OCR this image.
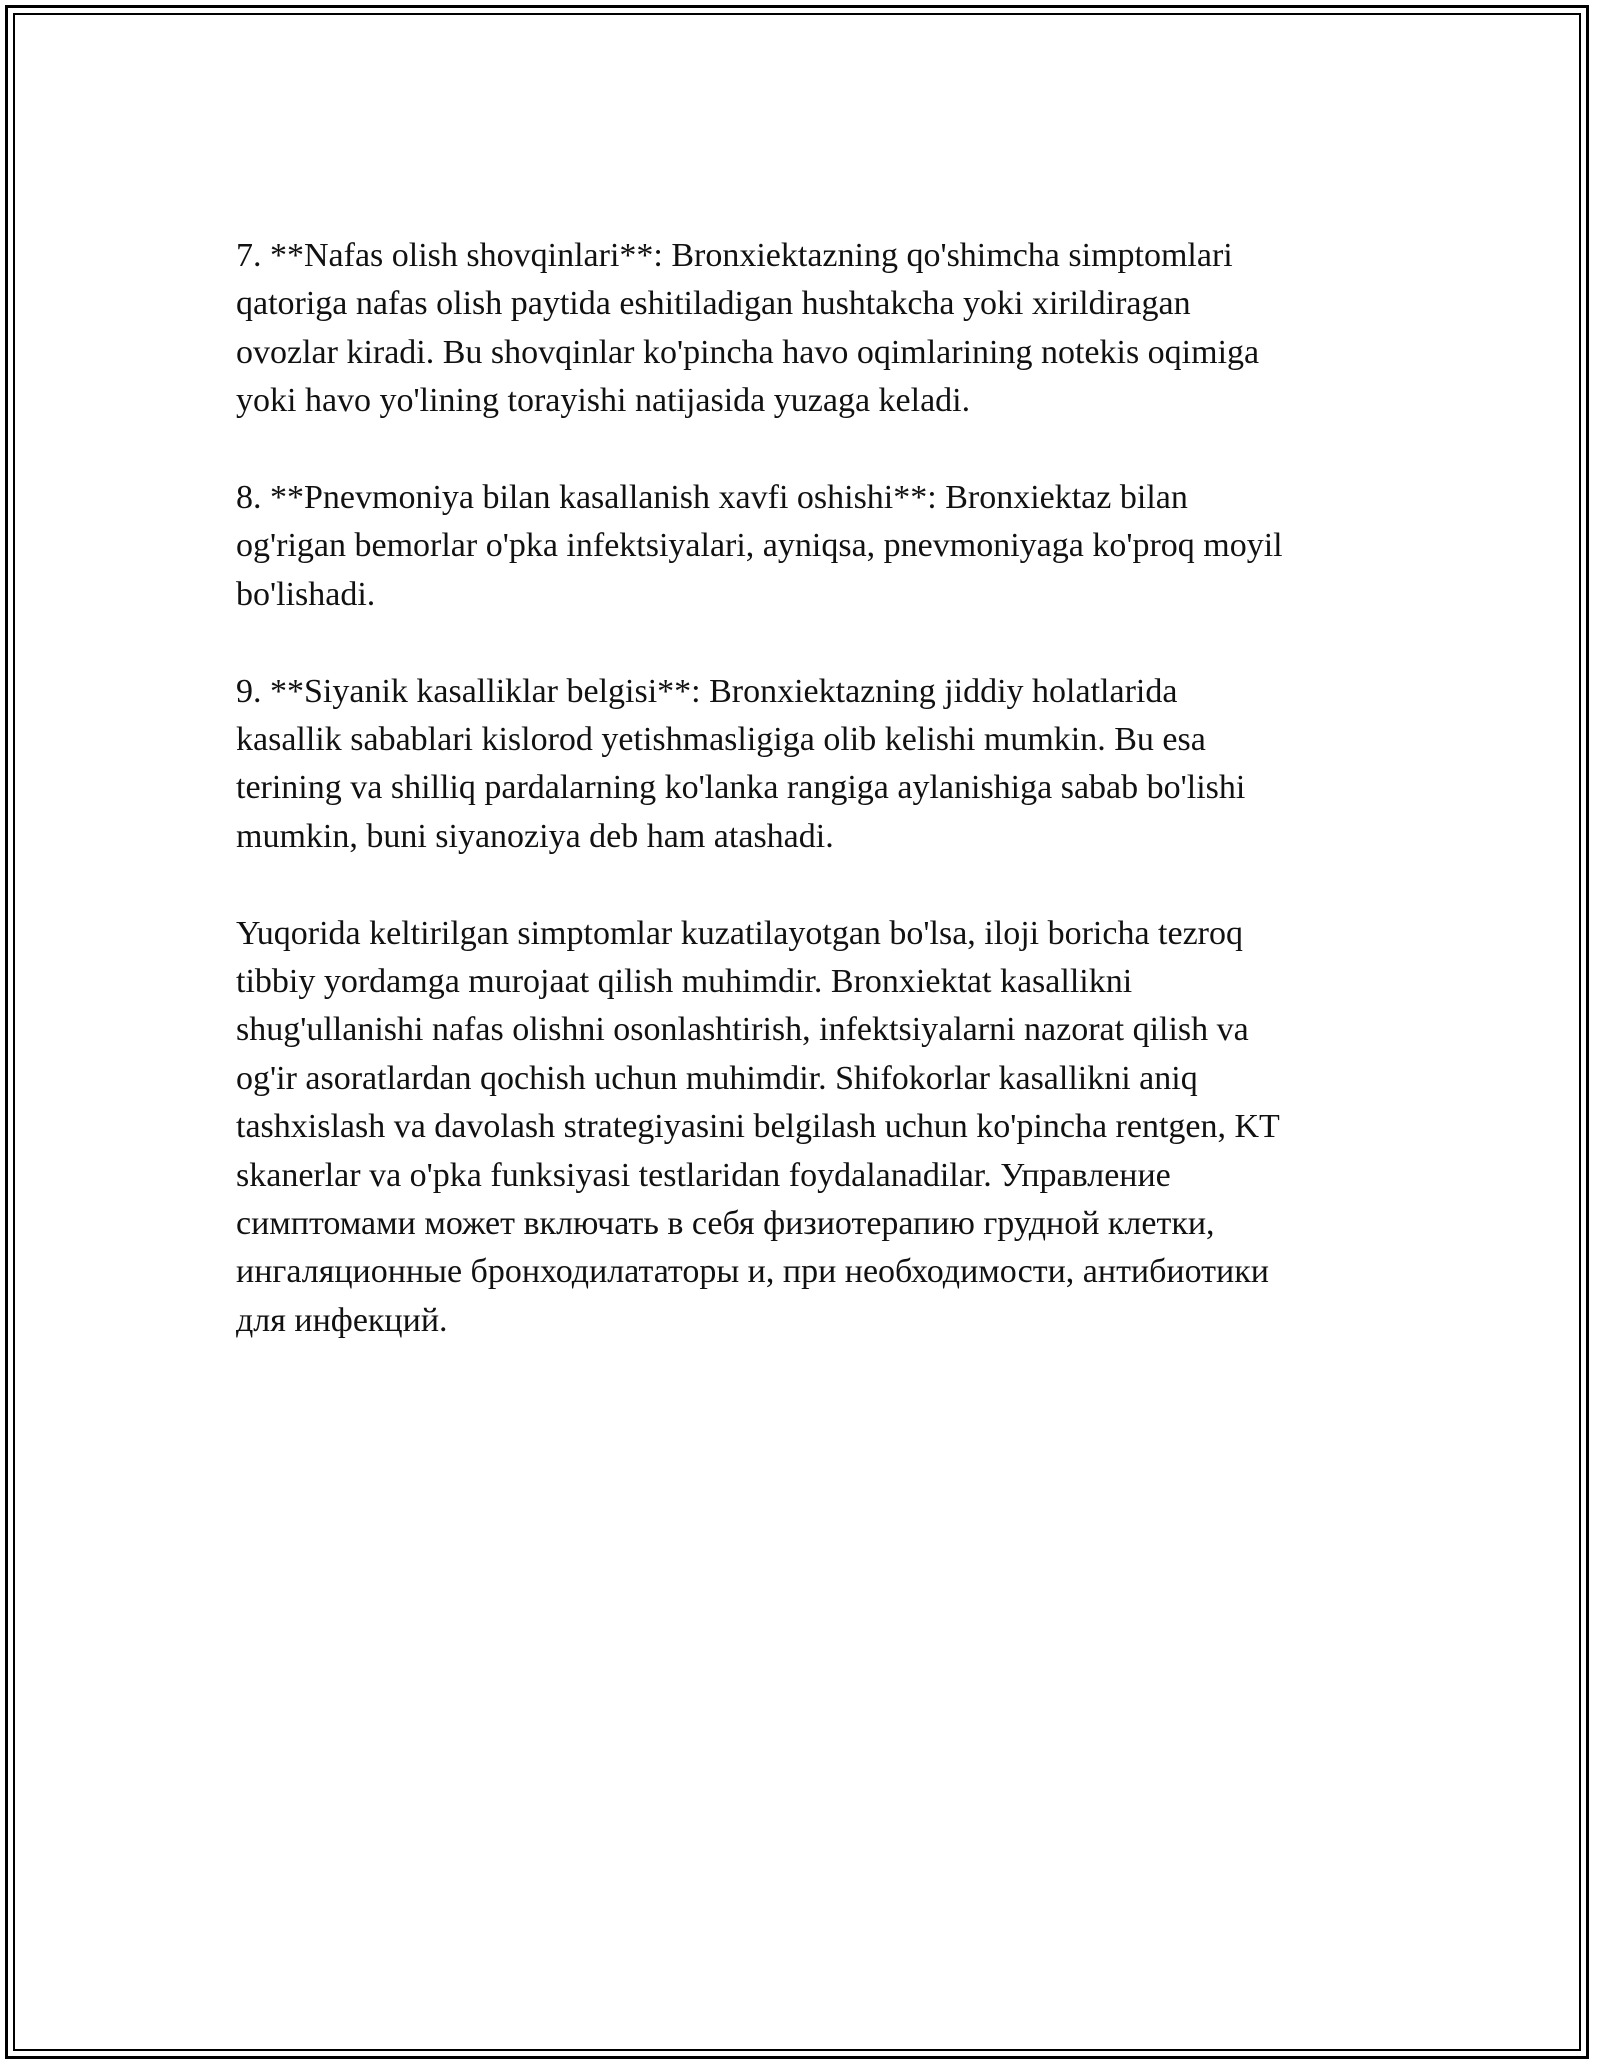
7. **Nafas olish shovqinlari**: Bronxiektazning qo'shimcha simptomlari
qatoriga nafas olish paytida eshitiladigan hushtakcha yoki xirildiragan
ovozlar kiradi. Bu shovqinlar ko'pincha havo oqimlarining notekis oqimiga
yoki havo yo'lining torayishi natijasida yuzaga keladi.

8. **Pnevmoniya bilan kasallanish xavfi oshishi**: Bronxiektaz bilan
og'rigan bemorlar o'pka infektsiyalari, ayniqsa, pnevmoniyaga ko'proq moyil
bo'lishadi.

9. **Siyanik kasalliklar belgisi**: Bronxiektazning jiddiy holatlarida
kasallik sabablari kislorod yetishmasligiga olib kelishi mumkin. Bu esa
terining va shilliq pardalarning ko'lanka rangiga aylanishiga sabab bo'lishi
mumkin, buni siyanoziya deb ham atashadi.

Yuqorida keltirilgan simptomlar kuzatilayotgan bo'lsa, iloji boricha tezroq
tibbiy yordamga murojaat qilish muhimdir. Bronxiektat kasallikni
shug'ullanishi nafas olishni osonlashtirish, infektsiyalarni nazorat qilish va
og'ir asoratlardan qochish uchun muhimdir. Shifokorlar kasallikni aniq
tashxislash va davolash strategiyasini belgilash uchun ko'pincha rentgen, KT
skanerlar va o'pka funksiyasi testlaridan foydalanadilar. Управление
симптомами может включать в себя физиотерапию грудной клетки,
ингаляционные бронходилататоры и, при необходимости, антибиотики
для инфекций.
